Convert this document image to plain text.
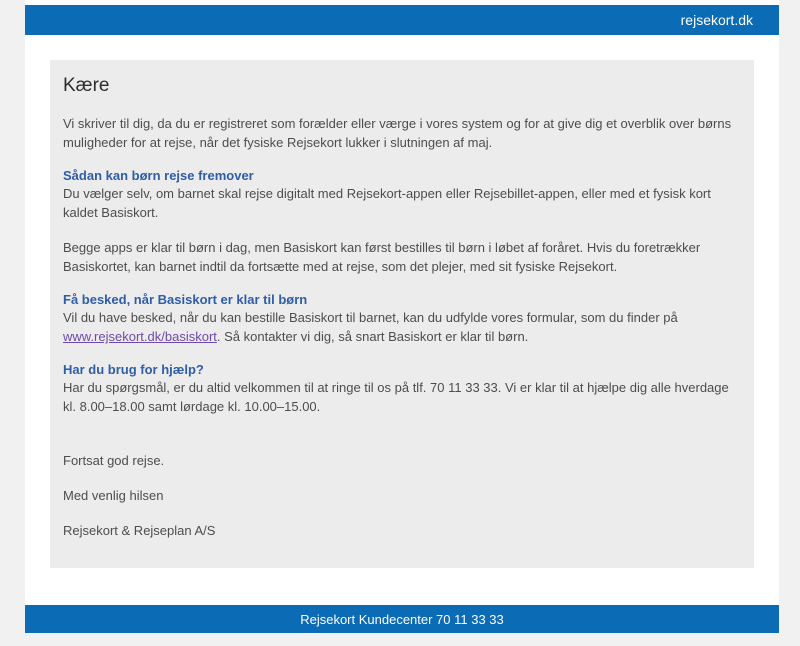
rejsekort.dk
Kære

Vi skriver til dig, da du er registreret som forælder eller værge i vores system og for at give dig et overblik over børns muligheder for at rejse, når det fysiske Rejsekort lukker i slutningen af maj.

Sådan kan børn rejse fremover

Du vælger selv, om barnet skal rejse digitalt med Rejsekort-appen eller Rejsebillet-appen, eller med et fysisk kort kaldet Basiskort.

Begge apps er klar til børn i dag, men Basiskort kan først bestilles til børn i løbet af foråret. Hvis du foretrækker Basiskortet, kan barnet indtil da fortsætte med at rejse, som det plejer, med sit fysiske Rejsekort.

Få besked, når Basiskort er klar til børn

Vil du have besked, når du kan bestille Basiskort til barnet, kan du udfylde vores formular, som du finder på www.rejsekort.dk/basiskort. Så kontakter vi dig, så snart Basiskort er klar til børn.

Har du brug for hjælp?

Har du spørgsmål, er du altid velkommen til at ringe til os på tlf. 70 11 33 33. Vi er klar til at hjælpe dig alle hverdage kl. 8.00–18.00 samt lørdage kl. 10.00–15.00.

Fortsat god rejse.

Med venlig hilsen

Rejsekort & Rejseplan A/S

Rejsekort Kundecenter 70 11 33 33
